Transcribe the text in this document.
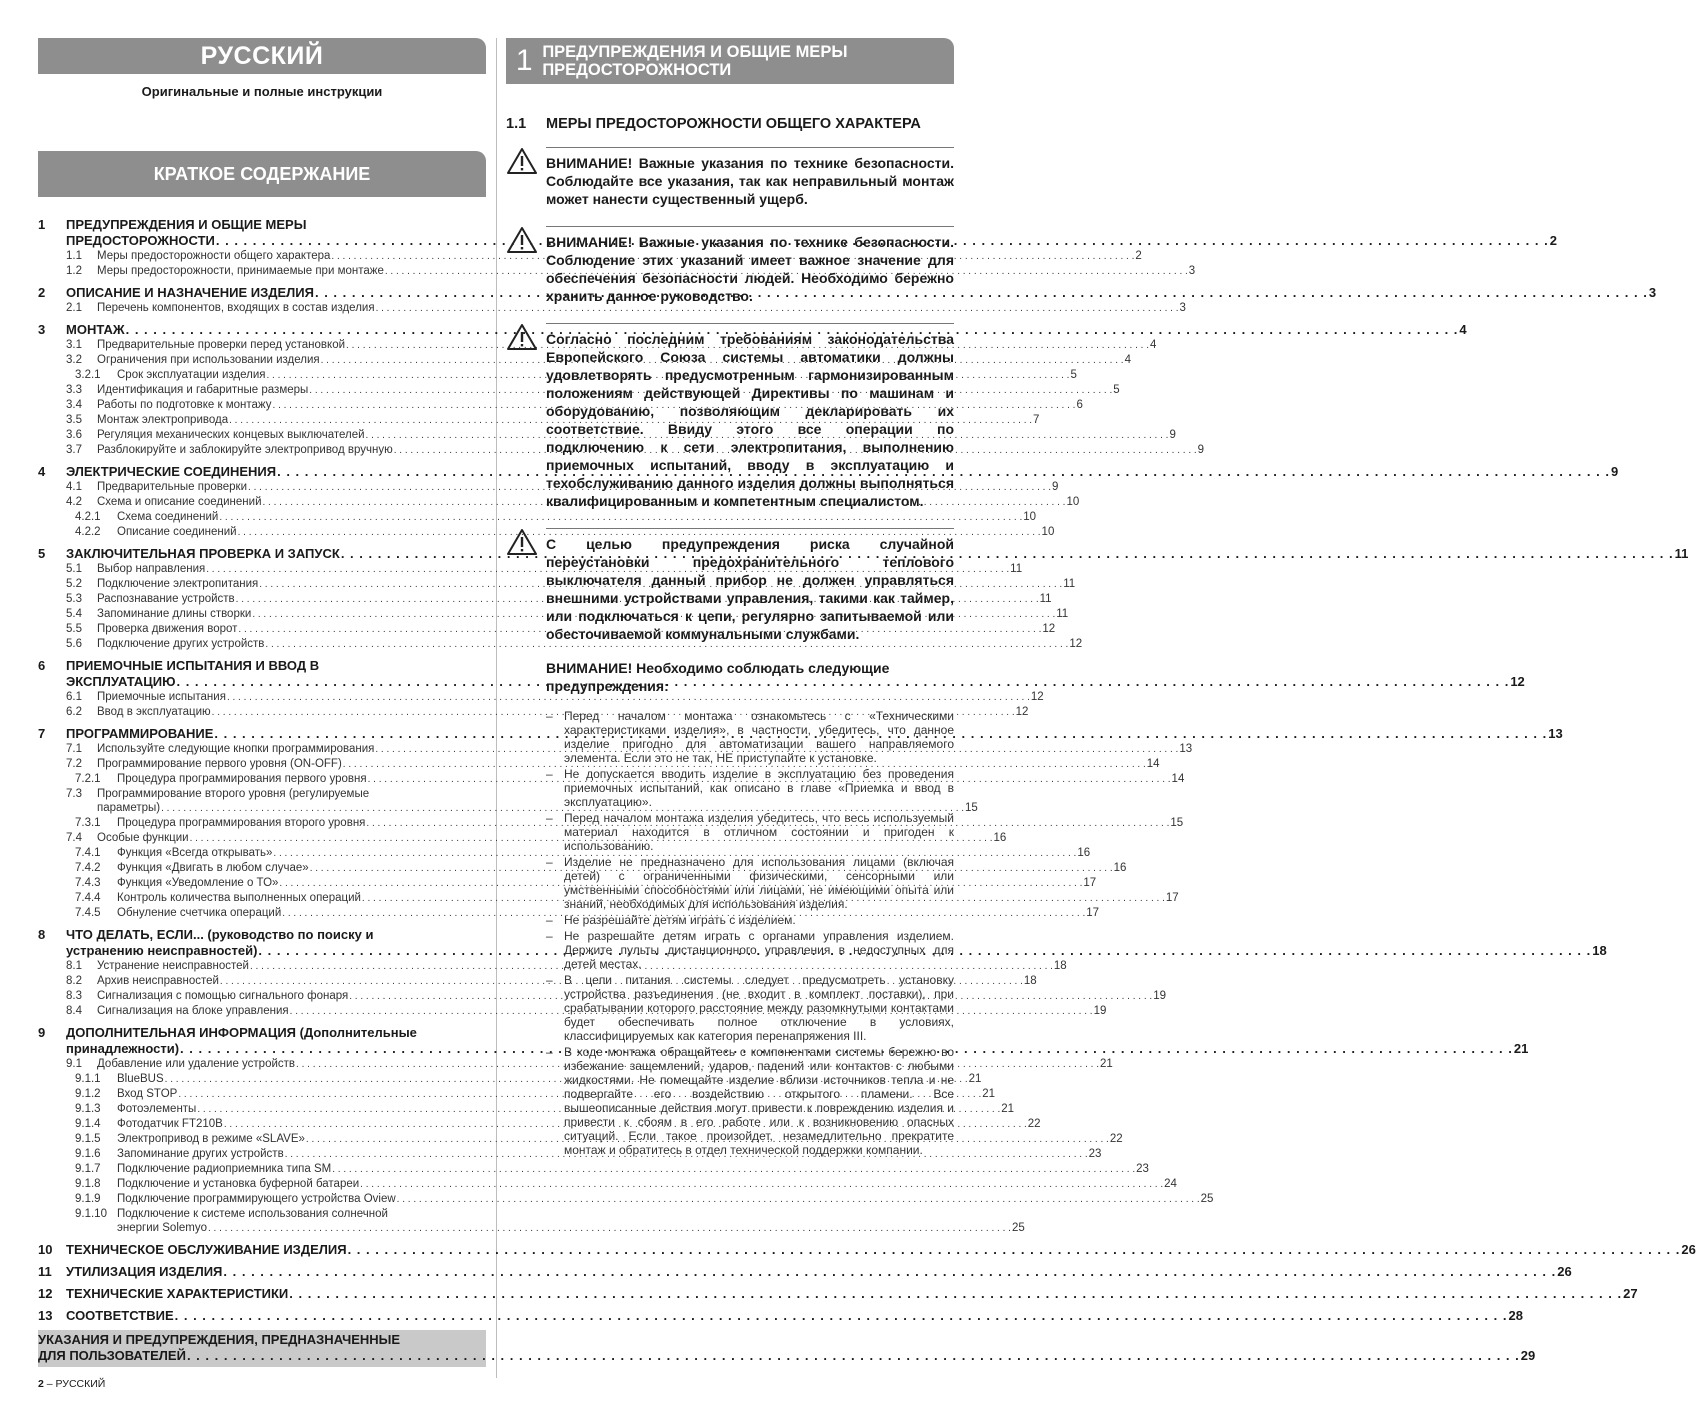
РУССКИЙ
Оригинальные и полные инструкции
КРАТКОЕ СОДЕРЖАНИЕ
1 ПРЕДУПРЕЖДЕНИЯ И ОБЩИЕ МЕРЫ
ПРЕДОСТОРОЖНОСТИ . . .	2
1.1	Меры предосторожности общего характера . . .	2
1.2	Меры предосторожности, принимаемые при монтаже . . .	3
2	ОПИСАНИЕ И НАЗНАЧЕНИЕ ИЗДЕЛИЯ . . .	3
2.1	Перечень компонентов, входящих в состав изделия . . .	3
3	МОНТАЖ . . .	4
3.1	Предварительные проверки перед установкой . . .	4
3.2	Ограничения при использовании изделия . . .	4
3.2.1	Срок эксплуатации изделия . . .	5
3.3	Идентификация и габаритные размеры . . .	5
3.4	Работы по подготовке к монтажу . . .	6
3.5	Монтаж электропривода . . .	7
3.6	Регуляция механических концевых выключателей . . .	9
3.7	Разблокируйте и заблокируйте электропривод вручную . . .	9
4	ЭЛЕКТРИЧЕСКИЕ СОЕДИНЕНИЯ . . .	9
4.1	Предварительные проверки . . .	9
4.2	Схема и описание соединений . . .	10
4.2.1	Схема соединений . . .	10
4.2.2	Описание соединений . . .	10
5	ЗАКЛЮЧИТЕЛЬНАЯ ПРОВЕРКА И ЗАПУСК . . .	11
5.1	Выбор направления . . .	11
5.2	Подключение электропитания . . .	11
5.3	Распознавание устройств . . .	11
5.4	Запоминание длины створки . . .	11
5.5	Проверка движения ворот . . .	12
5.6	Подключение других устройств . . .	12
6 ПРИЕМОЧНЫЕ ИСПЫТАНИЯ И ВВОД В
ЭКСПЛУАТАЦИЮ . . .	12
6.1	Приемочные испытания . . .	12
6.2	Ввод в эксплуатацию . . .	12
7	ПРОГРАММИРОВАНИЕ . . .	13
7.1	Используйте следующие кнопки программирования . . .	13
7.2	Программирование первого уровня (ON-OFF) . . .	14
7.2.1	Процедура программирования первого уровня . . .	14
7.3 Программирование второго уровня (регулируемые
параметры) . . .	15
7.3.1	Процедура программирования второго уровня . . .	15
7.4	Особые функции . . .	16
7.4.1	Функция «Всегда открывать» . . .	16
7.4.2	Функция «Двигать в любом случае» . . .	16
7.4.3	Функция «Уведомление о ТО» . . .	17
7.4.4	Контроль количества выполненных операций . . .	17
7.4.5	Обнуление счетчика операций . . .	17
8 ЧТО ДЕЛАТЬ, ЕСЛИ... (руководство по поиску и
устранению неисправностей) . . .	18
8.1	Устранение неисправностей . . .	18
8.2	Архив неисправностей . . .	18
8.3	Сигнализация с помощью сигнального фонаря . . .	19
8.4	Сигнализация на блоке управления . . .	19
9 ДОПОЛНИТЕЛЬНАЯ ИНФОРМАЦИЯ (Дополнительные
принадлежности) . . .	21
9.1	Добавление или удаление устройств . . .	21
9.1.1	BlueBUS . . .	21
9.1.2	Вход STOP . . .	21
9.1.3	Фотоэлементы . . .	21
9.1.4	Фотодатчик FT210B . . .	22
9.1.5	Электропривод в режиме «SLAVE» . . .	22
9.1.6	Запоминание других устройств . . .	23
9.1.7	Подключение радиоприемника типа SM . . .	23
9.1.8	Подключение и установка буферной батареи . . .	24
9.1.9	Подключение программирующего устройства Oview . . .	25
9.1.10 Подключение к системе использования солнечной
энергии Solemyo . . .	25
10	ТЕХНИЧЕСКОЕ ОБСЛУЖИВАНИЕ ИЗДЕЛИЯ . . .	26
11	УТИЛИЗАЦИЯ ИЗДЕЛИЯ . . .	26
12	ТЕХНИЧЕСКИЕ ХАРАКТЕРИСТИКИ . . .	27
13	СООТВЕТСТВИЕ . . .	28
УКАЗАНИЯ И ПРЕДУПРЕЖДЕНИЯ, ПРЕДНАЗНАЧЕННЫЕ
ДЛЯ ПОЛЬЗОВАТЕЛЕЙ . . .	29
2 – РУССКИЙ
1 ПРЕДУПРЕЖДЕНИЯ И ОБЩИЕ МЕРЫ ПРЕДОСТОРОЖНОСТИ
1.1	МЕРЫ ПРЕДОСТОРОЖНОСТИ ОБЩЕГО ХАРАКТЕРА
ВНИМАНИЕ! Важные указания по технике безопасности. Соблюдайте все указания, так как неправильный монтаж может нанести существенный ущерб.
ВНИМАНИЕ! Важные указания по технике безопасности. Соблюдение этих указаний имеет важное значение для обеспечения безопасности людей. Необходимо бережно хранить данное руководство.
Согласно последним требованиям законодательства Европейского Союза системы автоматики должны удовлетворять предусмотренным гармонизированным положениям действующей Директивы по машинам и оборудованию, позволяющим декларировать их соответствие. Ввиду этого все операции по подключению к сети электропитания, выполнению приемочных испытаний, вводу в эксплуатацию и техобслуживанию данного изделия должны выполняться квалифицированным и компетентным специалистом.
С целью предупреждения риска случайной переустановки предохранительного теплового выключателя данный прибор не должен управляться внешними устройствами управления, такими как таймер, или подключаться к цепи, регулярно запитываемой или обесточиваемой коммунальными службами.
ВНИМАНИЕ! Необходимо соблюдать следующие предупреждения:
– Перед началом монтажа ознакомьтесь с «Техническими характеристиками изделия», в частности, убедитесь, что данное изделие пригодно для автоматизации вашего направляемого элемента. Если это не так, НЕ приступайте к установке.
– Не допускается вводить изделие в эксплуатацию без проведения приемочных испытаний, как описано в главе «Приемка и ввод в эксплуатацию».
– Перед началом монтажа изделия убедитесь, что весь используемый материал находится в отличном состоянии и пригоден к использованию.
– Изделие не предназначено для использования лицами (включая детей) с ограниченными физическими, сенсорными или умственными способностями или лицами, не имеющими опыта или знаний, необходимых для использования изделия.
– Не разрешайте детям играть с изделием.
– Не разрешайте детям играть с органами управления изделием. Держите пульты дистанционного управления в недоступных для детей местах.
– В цепи питания системы следует предусмотреть установку устройства разъединения (не входит в комплект поставки), при срабатывании которого расстояние между разомкнутыми контактами будет обеспечивать полное отключение в условиях, классифицируемых как категория перенапряжения III.
– В ходе монтажа обращайтесь с компонентами системы бережно во избежание защемлений, ударов, падений или контактов с любыми жидкостями. Не помещайте изделие вблизи источников тепла и не подвергайте его воздействию открытого пламени. Все вышеописанные действия могут привести к повреждению изделия и привести к сбоям в его работе или к возникновению опасных ситуаций. Если такое произойдет, незамедлительно прекратите монтаж и обратитесь в отдел технической поддержки компании.
